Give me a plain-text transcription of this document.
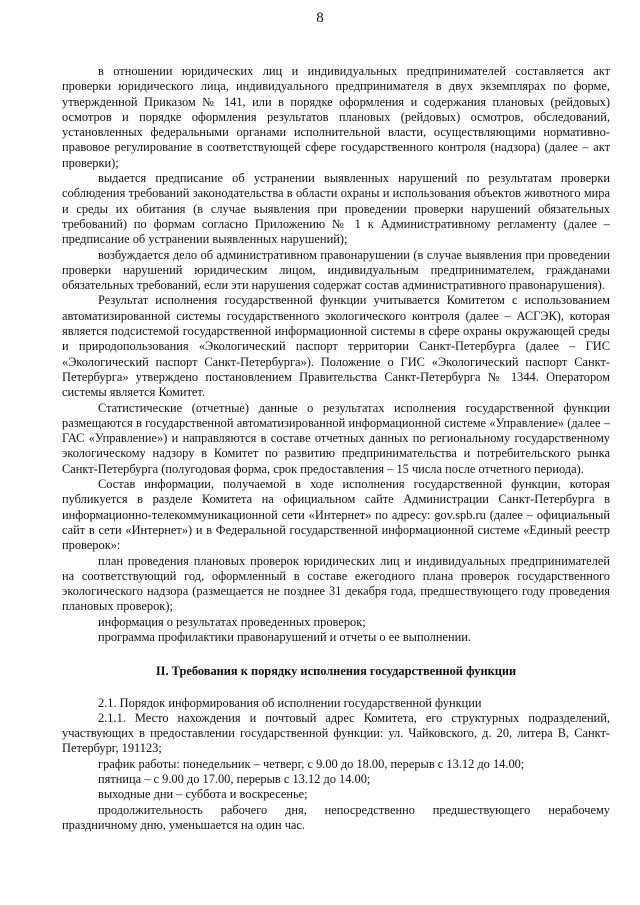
8

в отношении юридических лиц и индивидуальных предпринимателей составляется акт проверки юридического лица, индивидуального предпринимателя в двух экземплярах по форме, утвержденной Приказом № 141, или в порядке оформления и содержания плановых (рейдовых) осмотров и порядке оформления результатов плановых (рейдовых) осмотров, обследований, установленных федеральными органами исполнительной власти, осуществляющими нормативно-правовое регулирование в соответствующей сфере государственного контроля (надзора) (далее – акт проверки);

выдается предписание об устранении выявленных нарушений по результатам проверки соблюдения требований законодательства в области охраны и использования объектов животного мира и среды их обитания (в случае выявления при проведении проверки нарушений обязательных требований) по формам согласно Приложению № 1 к Административному регламенту (далее – предписание об устранении выявленных нарушений);

возбуждается дело об административном правонарушении (в случае выявления при проведении проверки нарушений юридическим лицом, индивидуальным предпринимателем, гражданами обязательных требований, если эти нарушения содержат состав административного правонарушения).

Результат исполнения государственной функции учитывается Комитетом с использованием автоматизированной системы государственного экологического контроля (далее – АСГЭК), которая является подсистемой государственной информационной системы в сфере охраны окружающей среды и природопользования «Экологический паспорт территории Санкт-Петербурга (далее – ГИС «Экологический паспорт Санкт-Петербурга»). Положение о ГИС «Экологический паспорт Санкт-Петербурга» утверждено постановлением Правительства Санкт-Петербурга № 1344. Оператором системы является Комитет.

Статистические (отчетные) данные о результатах исполнения государственной функции размещаются в государственной автоматизированной информационной системе «Управление» (далее – ГАС «Управление») и направляются в составе отчетных данных по региональному государственному экологическому надзору в Комитет по развитию предпринимательства и потребительского рынка Санкт-Петербурга (полугодовая форма, срок предоставления – 15 числа после отчетного периода).

Состав информации, получаемой в ходе исполнения государственной функции, которая публикуется в разделе Комитета на официальном сайте Администрации Санкт-Петербурга в информационно-телекоммуникационной сети «Интернет» по адресу: gov.spb.ru (далее – официальный сайт в сети «Интернет») и в Федеральной государственной информационной системе «Единый реестр проверок»:

план проведения плановых проверок юридических лиц и индивидуальных предпринимателей на соответствующий год, оформленный в составе ежегодного плана проверок государственного экологического надзора (размещается не позднее 31 декабря года, предшествующего году проведения плановых проверок);

информация о результатах проведенных проверок;

программа профилактики правонарушений и отчеты о ее выполнении.

II. Требования к порядку исполнения государственной функции

2.1. Порядок информирования об исполнении государственной функции

2.1.1. Место нахождения и почтовый адрес Комитета, его структурных подразделений, участвующих в предоставлении государственной функции: ул. Чайковского, д. 20, литера В, Санкт-Петербург, 191123;

график работы: понедельник – четверг, с 9.00 до 18.00, перерыв с 13.12 до 14.00;

пятница – с 9.00 до 17.00, перерыв с 13.12 до 14.00;

выходные дни – суббота и воскресенье;

продолжительность рабочего дня, непосредственно предшествующего нерабочему праздничному дню, уменьшается на один час.
